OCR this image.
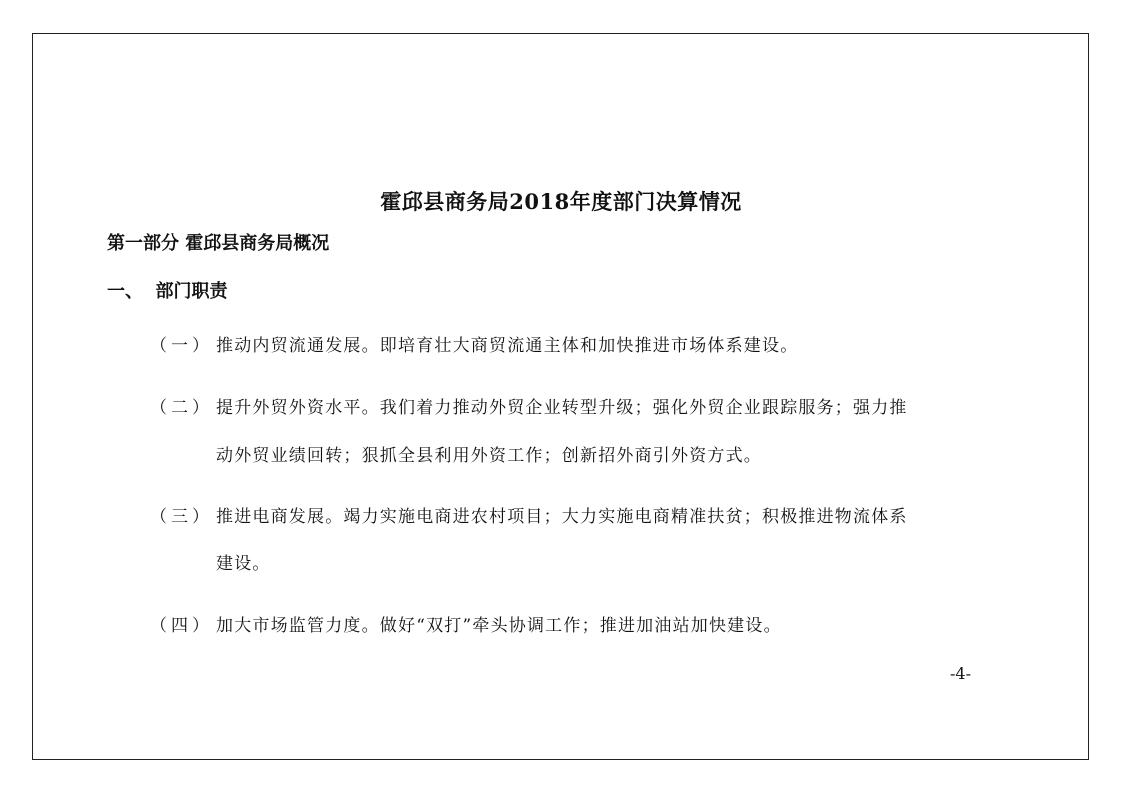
霍邱县商务局2018年度部门决算情况
第一部分 霍邱县商务局概况
一、  部门职责
（一） 推动内贸流通发展。即培育壮大商贸流通主体和加快推进市场体系建设。
（二） 提升外贸外资水平。我们着力推动外贸企业转型升级；强化外贸企业跟踪服务；强力推
动外贸业绩回转；狠抓全县利用外资工作；创新招外商引外资方式。
（三） 推进电商发展。竭力实施电商进农村项目；大力实施电商精准扶贫；积极推进物流体系
建设。
（四） 加大市场监管力度。做好“双打”牵头协调工作；推进加油站加快建设。
-4-
